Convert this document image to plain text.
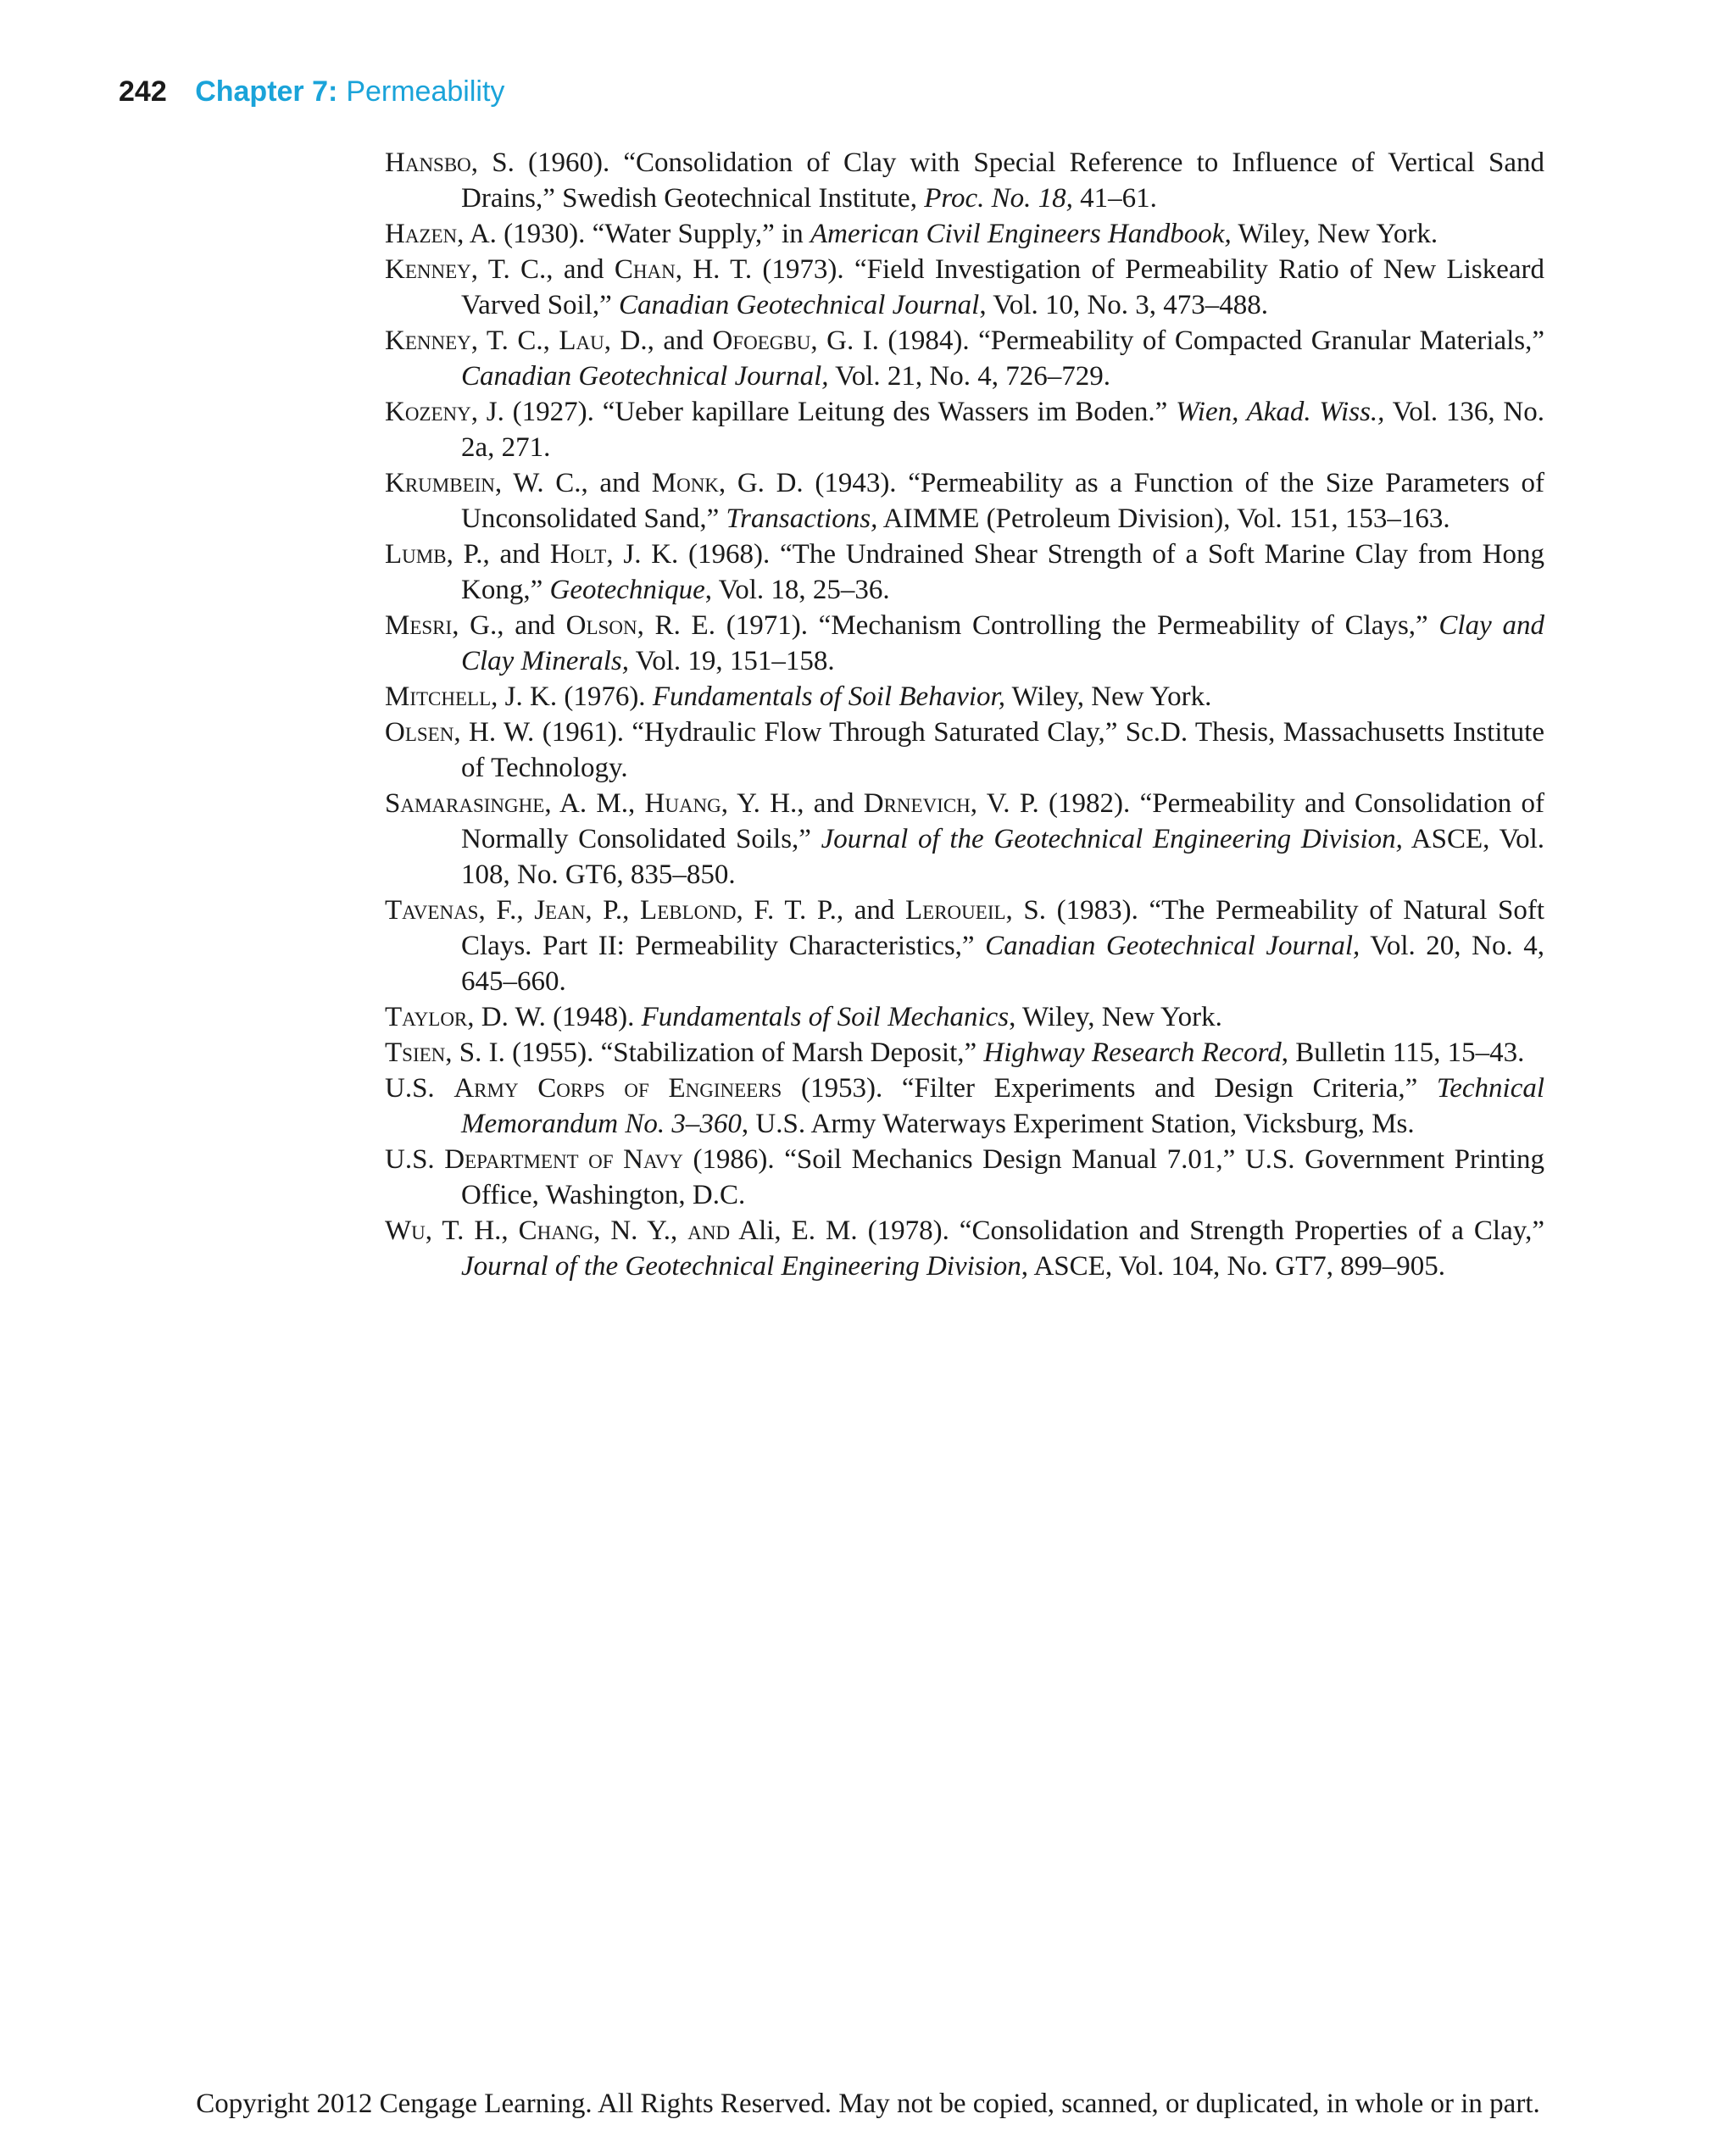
242 Chapter 7: Permeability
Hansbo, S. (1960). “Consolidation of Clay with Special Reference to Influence of Vertical Sand Drains,” Swedish Geotechnical Institute, Proc. No. 18, 41–61.
Hazen, A. (1930). “Water Supply,” in American Civil Engineers Handbook, Wiley, New York.
Kenney, T. C., and Chan, H. T. (1973). “Field Investigation of Permeability Ratio of New Liskeard Varved Soil,” Canadian Geotechnical Journal, Vol. 10, No. 3, 473–488.
Kenney, T. C., Lau, D., and Ofoegbu, G. I. (1984). “Permeability of Compacted Granular Materials,” Canadian Geotechnical Journal, Vol. 21, No. 4, 726–729.
Kozeny, J. (1927). “Ueber kapillare Leitung des Wassers im Boden.” Wien, Akad. Wiss., Vol. 136, No. 2a, 271.
Krumbein, W. C., and Monk, G. D. (1943). “Permeability as a Function of the Size Parameters of Unconsolidated Sand,” Transactions, AIMME (Petroleum Division), Vol. 151, 153–163.
Lumb, P., and Holt, J. K. (1968). “The Undrained Shear Strength of a Soft Marine Clay from Hong Kong,” Geotechnique, Vol. 18, 25–36.
Mesri, G., and Olson, R. E. (1971). “Mechanism Controlling the Permeability of Clays,” Clay and Clay Minerals, Vol. 19, 151–158.
Mitchell, J. K. (1976). Fundamentals of Soil Behavior, Wiley, New York.
Olsen, H. W. (1961). “Hydraulic Flow Through Saturated Clay,” Sc.D. Thesis, Massachusetts Institute of Technology.
Samarasinghe, A. M., Huang, Y. H., and Drnevich, V. P. (1982). “Permeability and Consolidation of Normally Consolidated Soils,” Journal of the Geotechnical Engineering Division, ASCE, Vol. 108, No. GT6, 835–850.
Tavenas, F., Jean, P., Leblond, F. T. P., and Leroueil, S. (1983). “The Permeability of Natural Soft Clays. Part II: Permeability Characteristics,” Canadian Geotechnical Journal, Vol. 20, No. 4, 645–660.
Taylor, D. W. (1948). Fundamentals of Soil Mechanics, Wiley, New York.
Tsien, S. I. (1955). “Stabilization of Marsh Deposit,” Highway Research Record, Bulletin 115, 15–43.
U.S. Army Corps of Engineers (1953). “Filter Experiments and Design Criteria,” Technical Memorandum No. 3–360, U.S. Army Waterways Experiment Station, Vicksburg, Ms.
U.S. Department of Navy (1986). “Soil Mechanics Design Manual 7.01,” U.S. Government Printing Office, Washington, D.C.
Wu, T. H., Chang, N. Y., and Ali, E. M. (1978). “Consolidation and Strength Properties of a Clay,” Journal of the Geotechnical Engineering Division, ASCE, Vol. 104, No. GT7, 899–905.
Copyright 2012 Cengage Learning. All Rights Reserved. May not be copied, scanned, or duplicated, in whole or in part.
